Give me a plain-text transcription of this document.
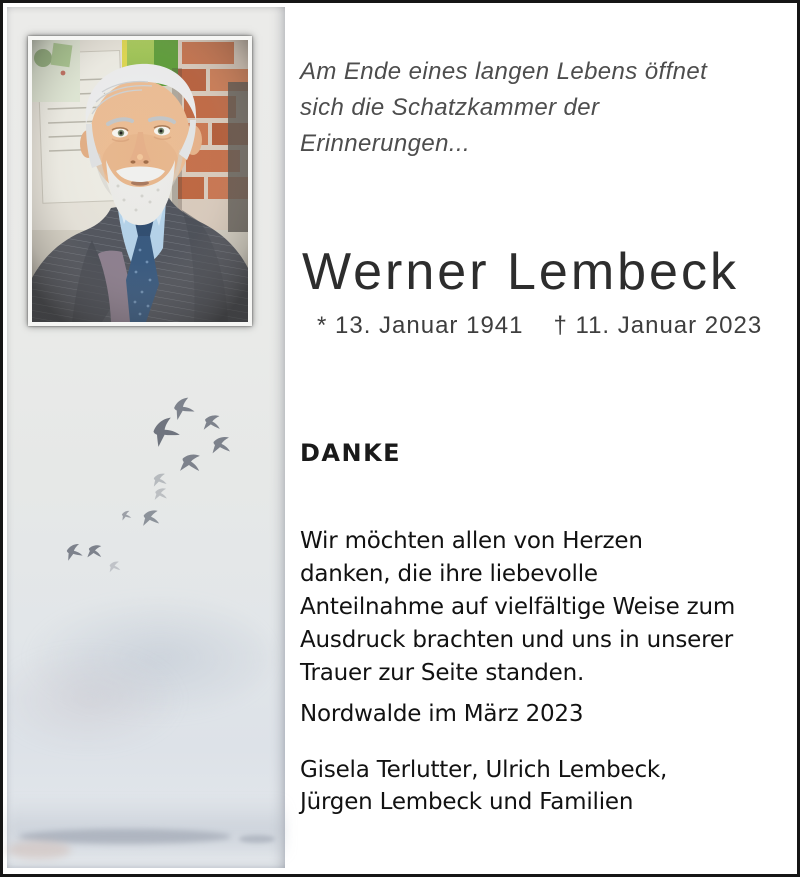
Am Ende eines langen Lebens öffnet
sich die Schatzkammer der
Erinnerungen...
Werner Lembeck
* 13. Januar 1941 † 11. Januar 2023
DANKE
Wir möchten allen von Herzen
danken, die ihre liebevolle
Anteilnahme auf vielfältige Weise zum
Ausdruck brachten und uns in unserer
Trauer zur Seite standen.
Nordwalde im März 2023
Gisela Terlutter, Ulrich Lembeck,
Jürgen Lembeck und Familien
